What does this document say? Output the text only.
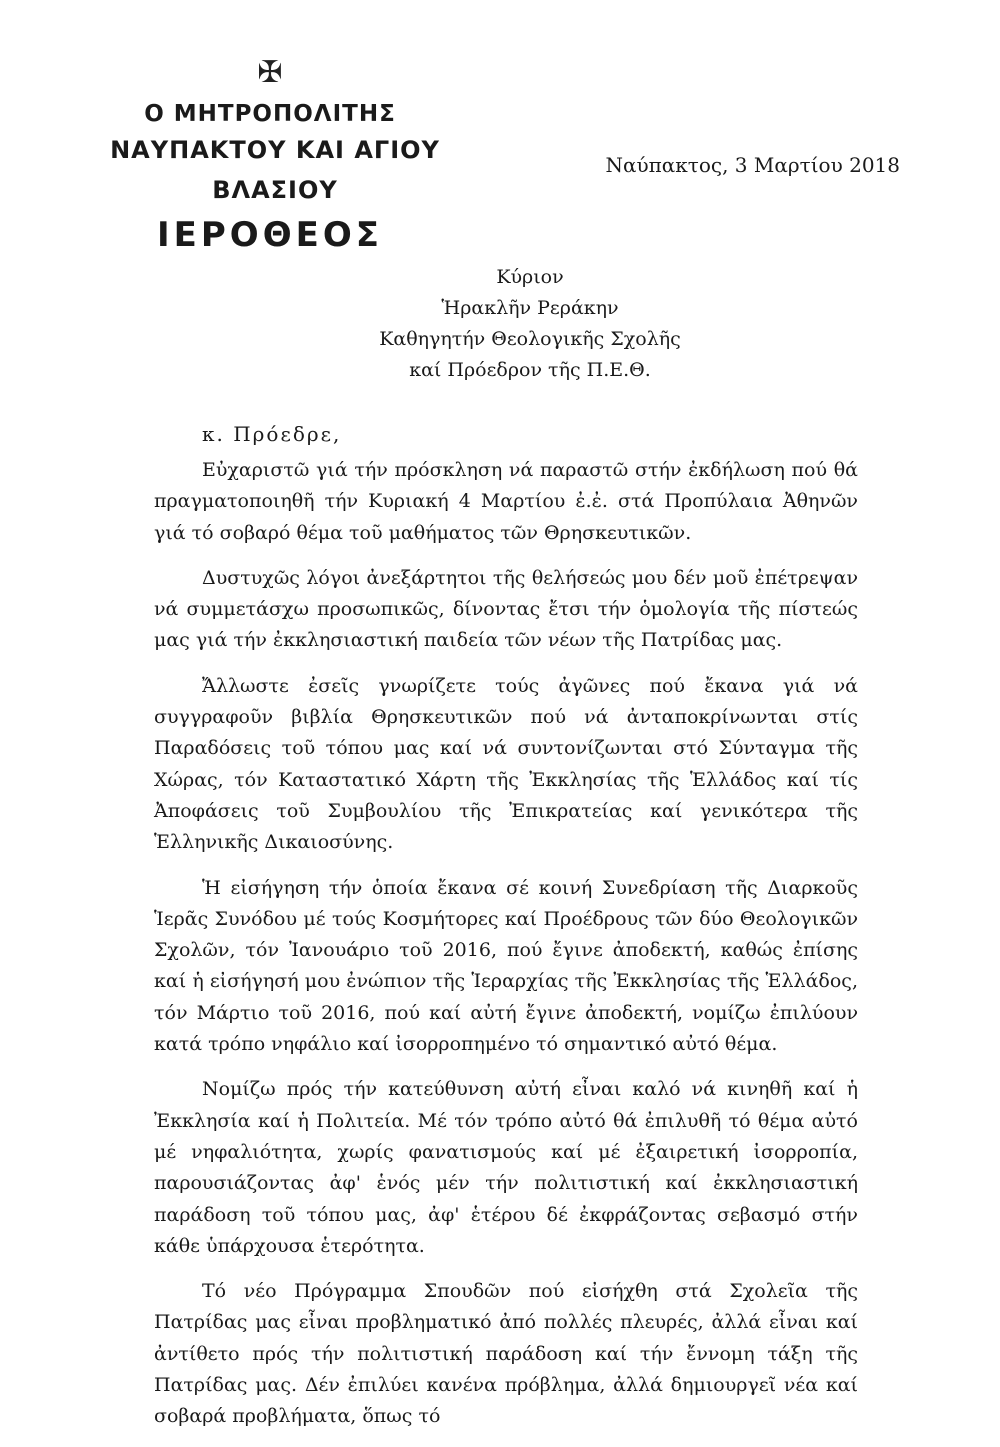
✠
Ο ΜΗΤΡΟΠΟΛΙΤΗΣ
ΝΑΥΠΑΚΤΟΥ ΚΑΙ ΑΓΙΟΥ ΒΛΑΣΙΟΥ
ΙΕΡΟΘΕΟΣ
Ναύπακτος, 3 Μαρτίου 2018
Κύριον
Ἡρακλῆν Ρεράκην
Καθηγητήν Θεολογικῆς Σχολῆς
καί Πρόεδρον τῆς Π.Ε.Θ.
κ. Πρόεδρε,

Εὐχαριστῶ γιά τήν πρόσκληση νά παραστῶ στήν ἐκδήλωση πού θά πραγματοποιηθῆ τήν Κυριακή 4 Μαρτίου ἐ.ἐ. στά Προπύλαια Ἀθηνῶν γιά τό σοβαρό θέμα τοῦ μαθήματος τῶν Θρησκευτικῶν.

Δυστυχῶς λόγοι ἀνεξάρτητοι τῆς θελήσεώς μου δέν μοῦ ἐπέτρεψαν νά συμμετάσχω προσωπικῶς, δίνοντας ἔτσι τήν ὁμολογία τῆς πίστεώς μας γιά τήν ἐκκλησιαστική παιδεία τῶν νέων τῆς Πατρίδας μας.

Ἄλλωστε ἐσεῖς γνωρίζετε τούς ἀγῶνες πού ἔκανα γιά νά συγγραφοῦν βιβλία Θρησκευτικῶν πού νά ἀνταποκρίνωνται στίς Παραδόσεις τοῦ τόπου μας καί νά συντονίζωνται στό Σύνταγμα τῆς Χώρας, τόν Καταστατικό Χάρτη τῆς Ἐκκλησίας τῆς Ἑλλάδος καί τίς Ἀποφάσεις τοῦ Συμβουλίου τῆς Ἐπικρατείας καί γενικότερα τῆς Ἑλληνικῆς Δικαιοσύνης.

Ἡ εἰσήγηση τήν ὁποία ἔκανα σέ κοινή Συνεδρίαση τῆς Διαρκοῦς Ἱερᾶς Συνόδου μέ τούς Κοσμήτορες καί Προέδρους τῶν δύο Θεολογικῶν Σχολῶν, τόν Ἰανουάριο τοῦ 2016, πού ἔγινε ἀποδεκτή, καθώς ἐπίσης καί ἡ εἰσήγησή μου ἐνώπιον τῆς Ἱεραρχίας τῆς Ἐκκλησίας τῆς Ἑλλάδος, τόν Μάρτιο τοῦ 2016, πού καί αὐτή ἔγινε ἀποδεκτή, νομίζω ἐπιλύουν κατά τρόπο νηφάλιο καί ἰσορροπημένο τό σημαντικό αὐτό θέμα.

Νομίζω πρός τήν κατεύθυνση αὐτή εἶναι καλό νά κινηθῆ καί ἡ Ἐκκλησία καί ἡ Πολιτεία. Μέ τόν τρόπο αὐτό θά ἐπιλυθῆ τό θέμα αὐτό μέ νηφαλιότητα, χωρίς φανατισμούς καί μέ ἐξαιρετική ἰσορροπία, παρουσιάζοντας ἀφ' ἑνός μέν τήν πολιτιστική καί ἐκκλησιαστική παράδοση τοῦ τόπου μας, ἀφ' ἑτέρου δέ ἐκφράζοντας σεβασμό στήν κάθε ὑπάρχουσα ἑτερότητα.

Τό νέο Πρόγραμμα Σπουδῶν πού εἰσήχθη στά Σχολεῖα τῆς Πατρίδας μας εἶναι προβληματικό ἀπό πολλές πλευρές, ἀλλά εἶναι καί ἀντίθετο πρός τήν πολιτιστική παράδοση καί τήν ἔννομη τάξη τῆς Πατρίδας μας. Δέν ἐπιλύει κανένα πρόβλημα, ἀλλά δημιουργεῖ νέα καί σοβαρά προβλήματα, ὅπως τό
